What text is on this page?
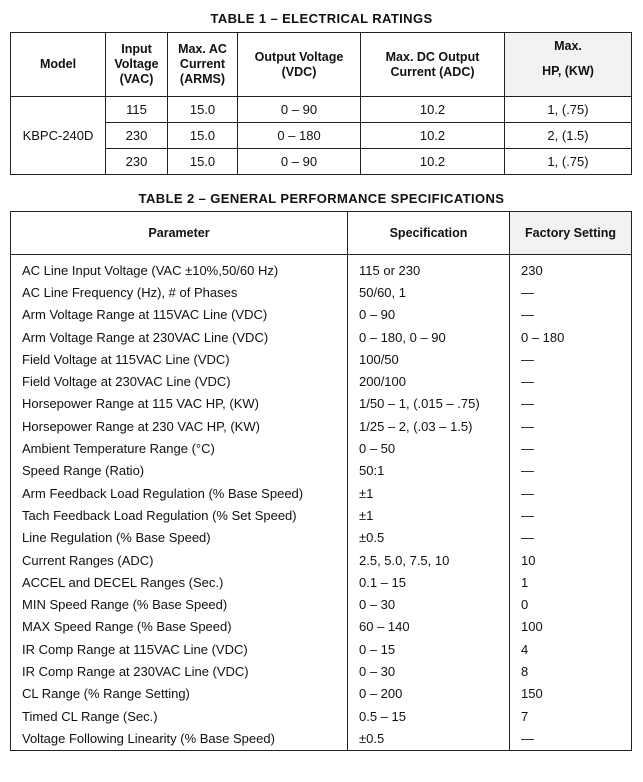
TABLE 1 – ELECTRICAL RATINGS
Model	Input Voltage (VAC)	Max. AC Current (ARMS)	Output Voltage (VDC)	Max. DC Output Current (ADC)	Max.
HP, (KW)

KBPC-240D	115	15.0	0 – 90	10.2	1, (.75)
	230	15.0	0 – 180	10.2	2, (1.5)
	230	15.0	0 – 90	10.2	1, (.75)
TABLE 2 – GENERAL PERFORMANCE SPECIFICATIONS
Parameter	Specification	Factory Setting
AC Line Input Voltage (VAC ±10%,50/60 Hz)	115 or 230	230
AC Line Frequency (Hz), # of Phases	50/60, 1	—
Arm Voltage Range at 115VAC Line (VDC)	0 – 90	—
Arm Voltage Range at 230VAC Line (VDC)	0 – 180, 0 – 90	0 – 180
Field Voltage at 115VAC Line (VDC)	100/50	—
Field Voltage at 230VAC Line (VDC)	200/100	—
Horsepower Range at 115 VAC HP, (KW)	1/50 – 1, (.015 – .75)	—
Horsepower Range at 230 VAC HP, (KW)	1/25 – 2, (.03 – 1.5)	—
Ambient Temperature Range (°C)	0 – 50	—
Speed Range (Ratio)	50:1	—
Arm Feedback Load Regulation (% Base Speed)	±1	—
Tach Feedback Load Regulation (% Set Speed)	±1	—
Line Regulation (% Base Speed)	±0.5	—
Current Ranges (ADC)	2.5, 5.0, 7.5, 10	10
ACCEL and DECEL Ranges (Sec.)	0.1 – 15	1
MIN Speed Range (% Base Speed)	0 – 30	0
MAX Speed Range (% Base Speed)	60 – 140	100
IR Comp Range at 115VAC Line (VDC)	0 – 15	4
IR Comp Range at 230VAC Line (VDC)	0 – 30	8
CL Range (% Range Setting)	0 – 200	150
Timed CL Range (Sec.)	0.5 – 15	7
Voltage Following Linearity (% Base Speed)	±0.5	—
